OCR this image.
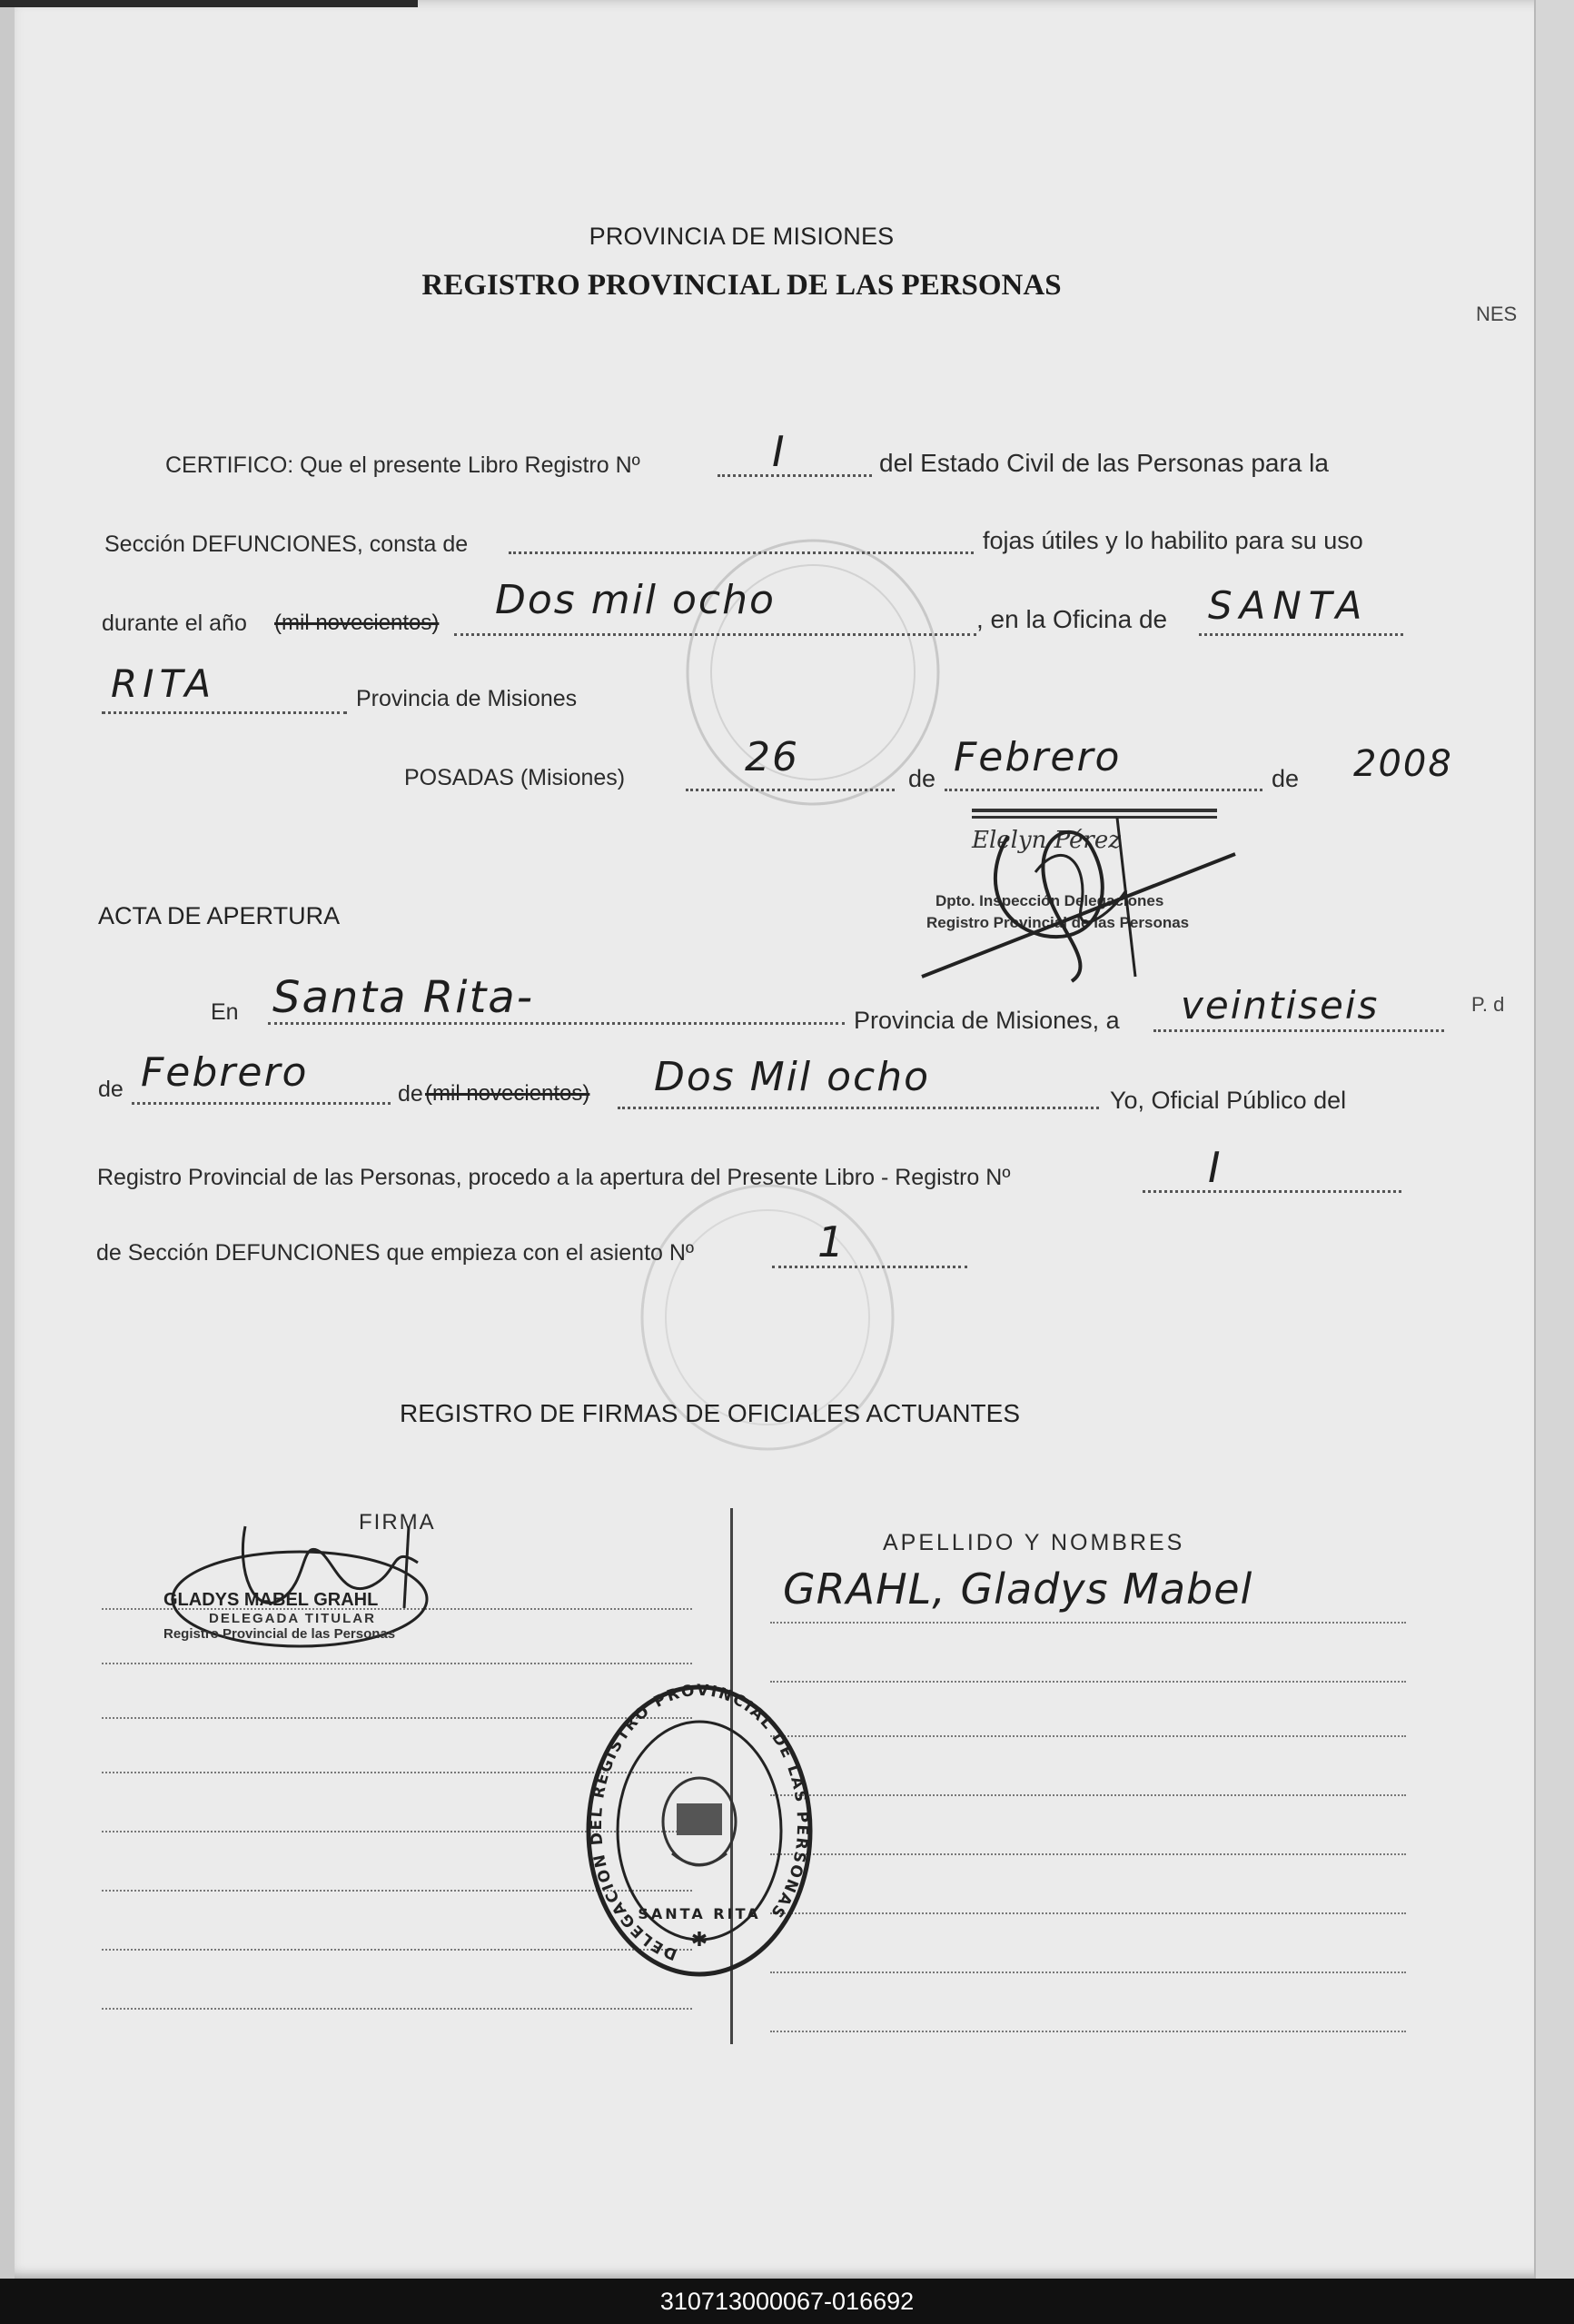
PROVINCIA DE MISIONES
REGISTRO PROVINCIAL DE LAS PERSONAS
NES
CERTIFICO: Que el presente Libro Registro Nº	I	del Estado Civil de las Personas para la
Sección DEFUNCIONES, consta de	fojas útiles y lo habilito para su uso
durante el año (mil novecientos) Dos mil ocho	, en la Oficina de SANTA
RITA	Provincia de Misiones
POSADAS (Misiones)	26	de Febrero	de 2008
Elelyn Pérez
Dpto. Inspección Delegaciones
Registro Provincial de las Personas
ACTA DE APERTURA
En Santa Rita-	Provincia de Misiones, a veintiseis	P. d
de Febrero	de (mil novecientos) Dos Mil ocho	Yo, Oficial Público del
Registro Provincial de las Personas, procedo a la apertura del Presente Libro - Registro Nº	I
de Sección DEFUNCIONES que empieza con el asiento Nº	1
REGISTRO DE FIRMAS DE OFICIALES ACTUANTES
FIRMA
APELLIDO Y NOMBRES
GRAHL, Gladys Mabel
GLADYS MABEL GRAHL
DELEGADA TITULAR
Registro Provincial de las Personas
DELEGACION DEL REGISTRO PROVINCIAL DE LAS PERSONAS
SANTA RITA
✱
310713000067-016692
